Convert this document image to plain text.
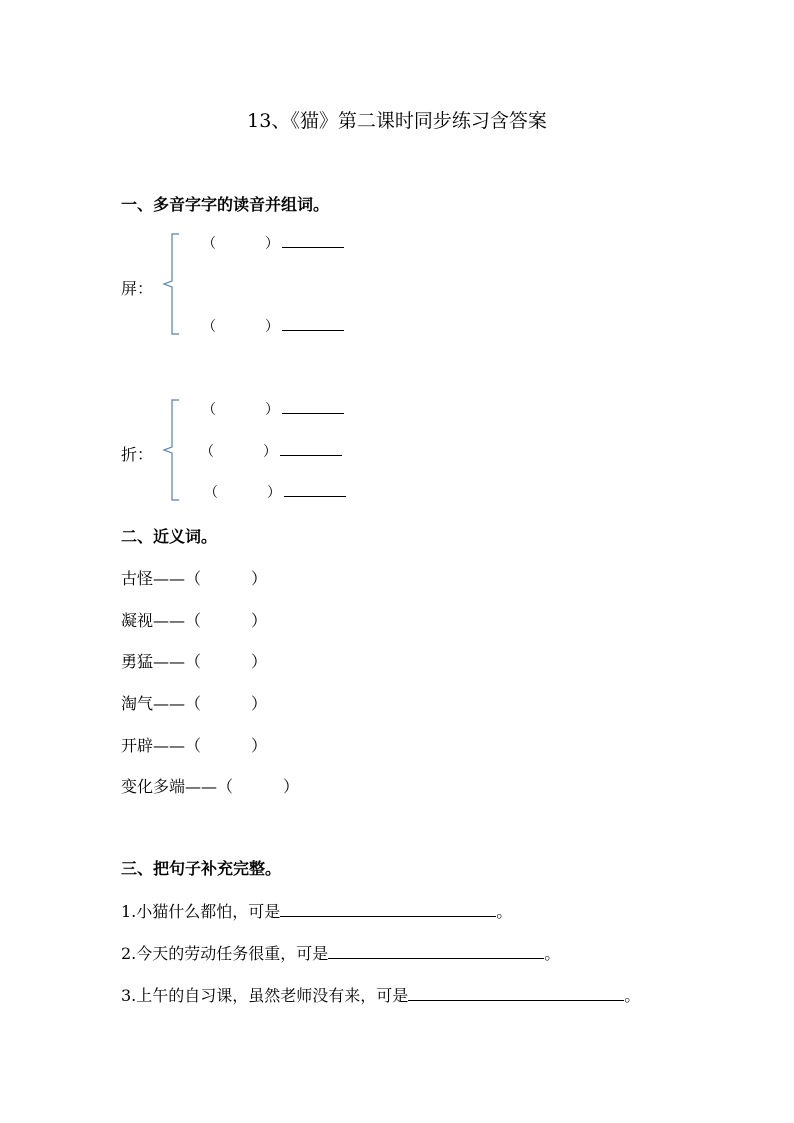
13、《猫》第二课时同步练习含答案
一、多音字字的读音并组词。
屏：
（	）
（	）
折：
（	）
（	）
（	）
二、近义词。
古怪——（	）
凝视——（	）
勇猛——（	）
淘气——（	）
开辟——（	）
变化多端——（	）
三、把句子补充完整。
1.小猫什么都怕，可是	。
2.今天的劳动任务很重，可是	。
3.上午的自习课，虽然老师没有来，可是	。
